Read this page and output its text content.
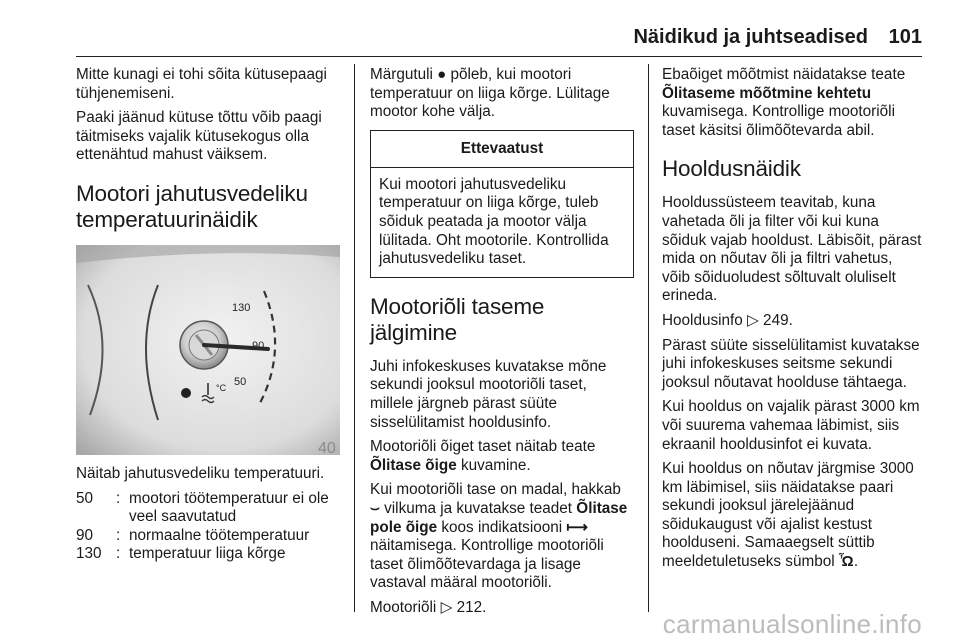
Näidikud ja juhtseadised 101

Mitte kunagi ei tohi sõita kütusepaagi tühjenemiseni.

Paaki jäänud kütuse tõttu võib paagi täitmiseks vajalik kütusekogus olla ettenähtud mahust väiksem.

Mootori jahutusvedeliku temperatuurinäidik
130
90
50
°C
40

Näitab jahutusvedeliku temperatuuri.

50	: mootori töötemperatuur ei ole veel saavutatud
90	: normaalne töötemperatuur
130 : temperatuur liiga kõrge

Märgutuli ● põleb, kui mootori temperatuur on liiga kõrge. Lülitage mootor kohe välja.

Ettevaatust
Kui mootori jahutusvedeliku temperatuur on liiga kõrge, tuleb sõiduk peatada ja mootor välja lülitada. Oht mootorile. Kontrollida jahutusvedeliku taset.
Mootoriõli taseme jälgimine

Juhi infokeskuses kuvatakse mõne sekundi jooksul mootoriõli taset, millele järgneb pärast süüte sisselülitamist hooldusinfo.

Mootoriõli õiget taset näitab teate Õlitase õige kuvamine.

Kui mootoriõli tase on madal, hakkab ⌣ vilkuma ja kuvatakse teadet Õlitase pole õige koos indikatsiooni ⟼ näitamisega. Kontrollige mootoriõli taset õlimõõtevardaga ja lisage vastaval määral mootoriõli.

Mootoriõli ▷ 212.

Ebaõiget mõõtmist näidatakse teate Õlitaseme mõõtmine kehtetu kuvamisega. Kontrollige mootoriõli taset käsitsi õlimõõtevarda abil.

Hooldusnäidik

Hooldussüsteem teavitab, kuna vahetada õli ja filter või kui kuna sõiduk vajab hooldust. Läbisõit, pärast mida on nõutav õli ja filtri vahetus, võib sõiduoludest sõltuvalt oluliselt erineda.

Hooldusinfo ▷ 249.

Pärast süüte sisselülitamist kuvatakse juhi infokeskuses seitsme sekundi jooksul nõutavat hoolduse tähtaega.

Kui hooldus on vajalik pärast 3000 km või suurema vahemaa läbimist, siis ekraanil hooldusinfot ei kuvata.

Kui hooldus on nõutav järgmise 3000 km läbimisel, siis näidatakse paari sekundi jooksul järelejäänud sõidukaugust või ajalist kestust hoolduseni. Samaaegselt süttib meeldetuletuseks sümbol Ὦ.

carmanualsonline.info
